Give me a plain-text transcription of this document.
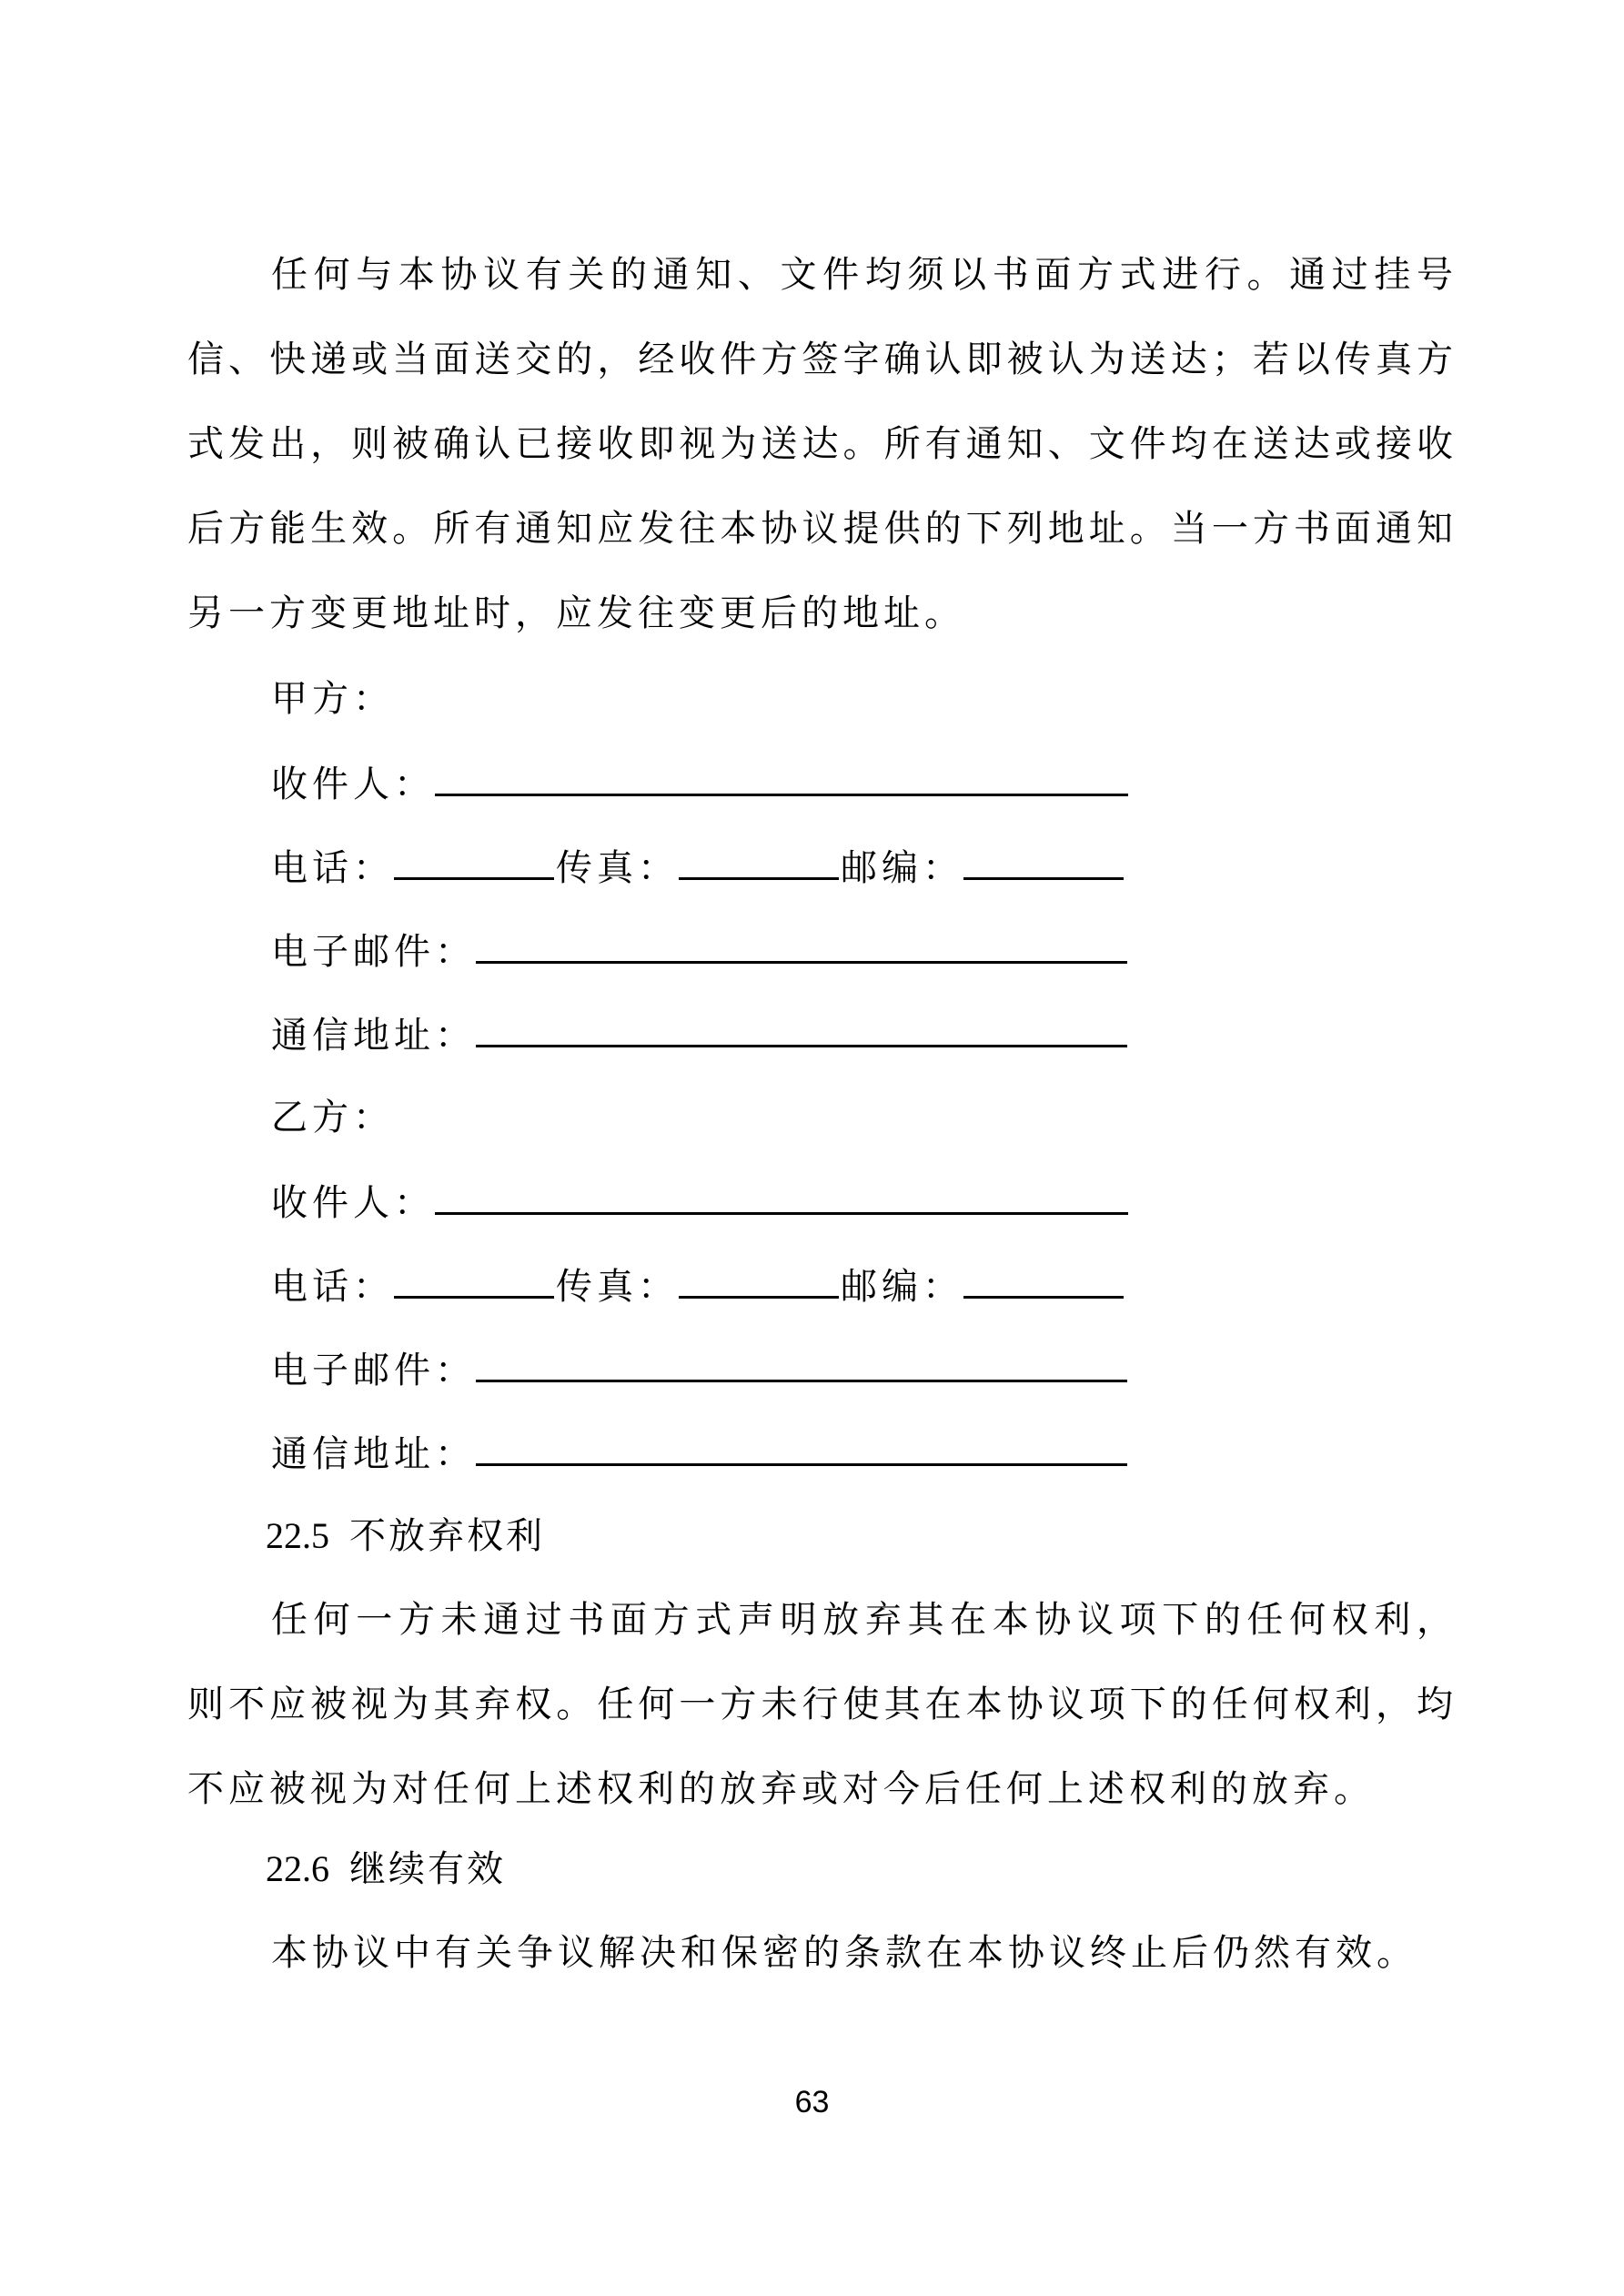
任何与本协议有关的通知、文件均须以书面方式进行。通过挂号信、快递或当面送交的，经收件方签字确认即被认为送达；若以传真方式发出，则被确认已接收即视为送达。所有通知、文件均在送达或接收后方能生效。所有通知应发往本协议提供的下列地址。当一方书面通知另一方变更地址时，应发往变更后的地址。

甲方：
收件人：
电话：	传真：	邮编：
电子邮件：
通信地址：
乙方：
收件人：
电话：	传真：	邮编：
电子邮件：
通信地址：
22.5 不放弃权利

任何一方未通过书面方式声明放弃其在本协议项下的任何权利，则不应被视为其弃权。任何一方未行使其在本协议项下的任何权利，均不应被视为对任何上述权利的放弃或对今后任何上述权利的放弃。

22.6 继续有效

本协议中有关争议解决和保密的条款在本协议终止后仍然有效。

63
